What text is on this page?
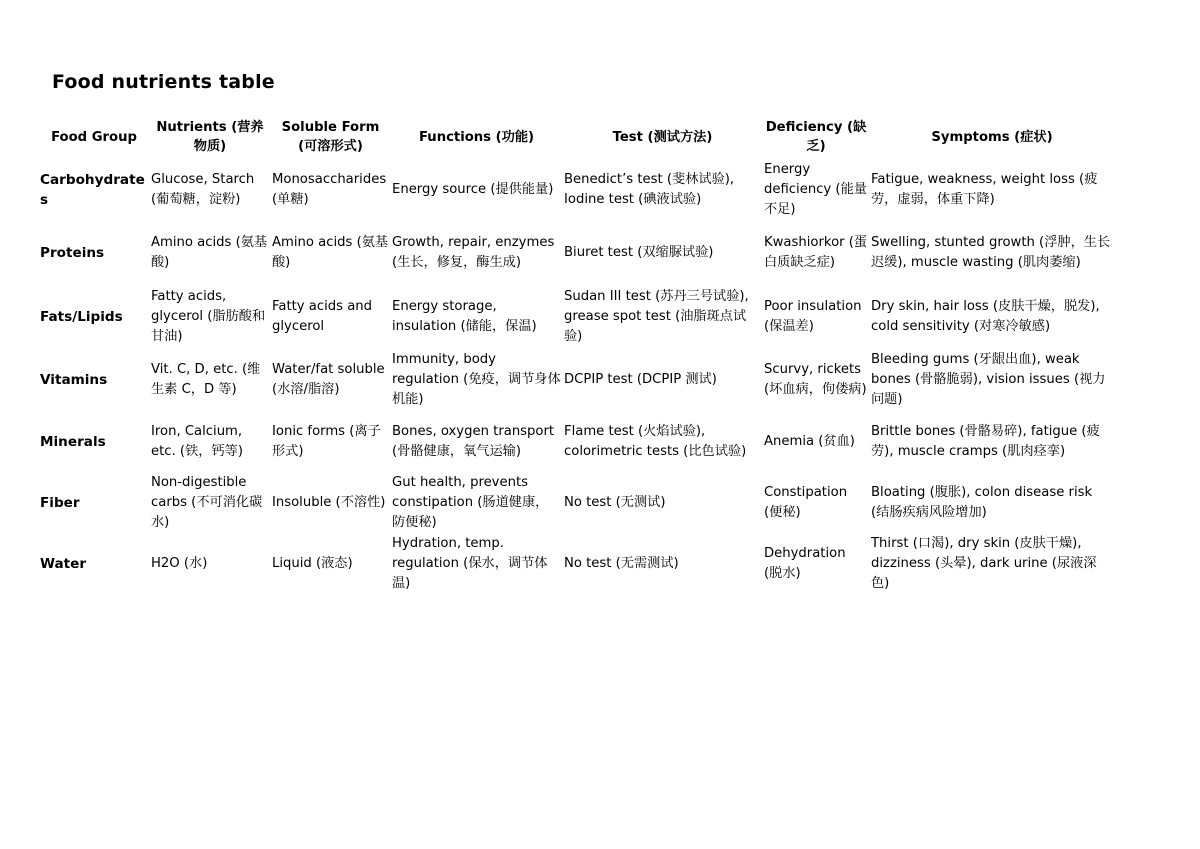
Food nutrients table
Food Group	Nutrients (营养物质)	Soluble Form (可溶形式)	Functions (功能)	Test (测试方法)	Deficiency (缺乏)	Symptoms (症状)
Carbohydrates	Glucose, Starch (葡萄糖，淀粉)	Monosaccharides (单糖)	Energy source (提供能量)	Benedict’s test (斐林试验), Iodine test (碘液试验)	Energy deficiency (能量不足)	Fatigue, weakness, weight loss (疲劳，虚弱，体重下降)
Proteins	Amino acids (氨基酸)	Amino acids (氨基酸)	Growth, repair, enzymes (生长，修复，酶生成)	Biuret test (双缩脲试验)	Kwashiorkor (蛋白质缺乏症)	Swelling, stunted growth (浮肿，生长迟缓), muscle wasting (肌肉萎缩)
Fats/Lipids	Fatty acids, glycerol (脂肪酸和甘油)	Fatty acids and glycerol	Energy storage, insulation (储能，保温)	Sudan III test (苏丹三号试验), grease spot test (油脂斑点试验)	Poor insulation (保温差)	Dry skin, hair loss (皮肤干燥，脱发), cold sensitivity (对寒冷敏感)
Vitamins	Vit. C, D, etc. (维生素 C，D 等)	Water/fat soluble (水溶/脂溶)	Immunity, body regulation (免疫，调节身体机能)	DCPIP test (DCPIP 测试)	Scurvy, rickets (坏血病，佝偻病)	Bleeding gums (牙龈出血), weak bones (骨骼脆弱), vision issues (视力问题)
Minerals	Iron, Calcium, etc. (铁，钙等)	Ionic forms (离子形式)	Bones, oxygen transport (骨骼健康，氧气运输)	Flame test (火焰试验), colorimetric tests (比色试验)	Anemia (贫血)	Brittle bones (骨骼易碎), fatigue (疲劳), muscle cramps (肌肉痉挛)
Fiber	Non-digestible carbs (不可消化碳水)	Insoluble (不溶性)	Gut health, prevents constipation (肠道健康，防便秘)	No test (无测试)	Constipation (便秘)	Bloating (腹胀), colon disease risk (结肠疾病风险增加)
Water	H2O (水)	Liquid (液态)	Hydration, temp. regulation (保水，调节体温)	No test (无需测试)	Dehydration (脱水)	Thirst (口渴), dry skin (皮肤干燥), dizziness (头晕), dark urine (尿液深色)
